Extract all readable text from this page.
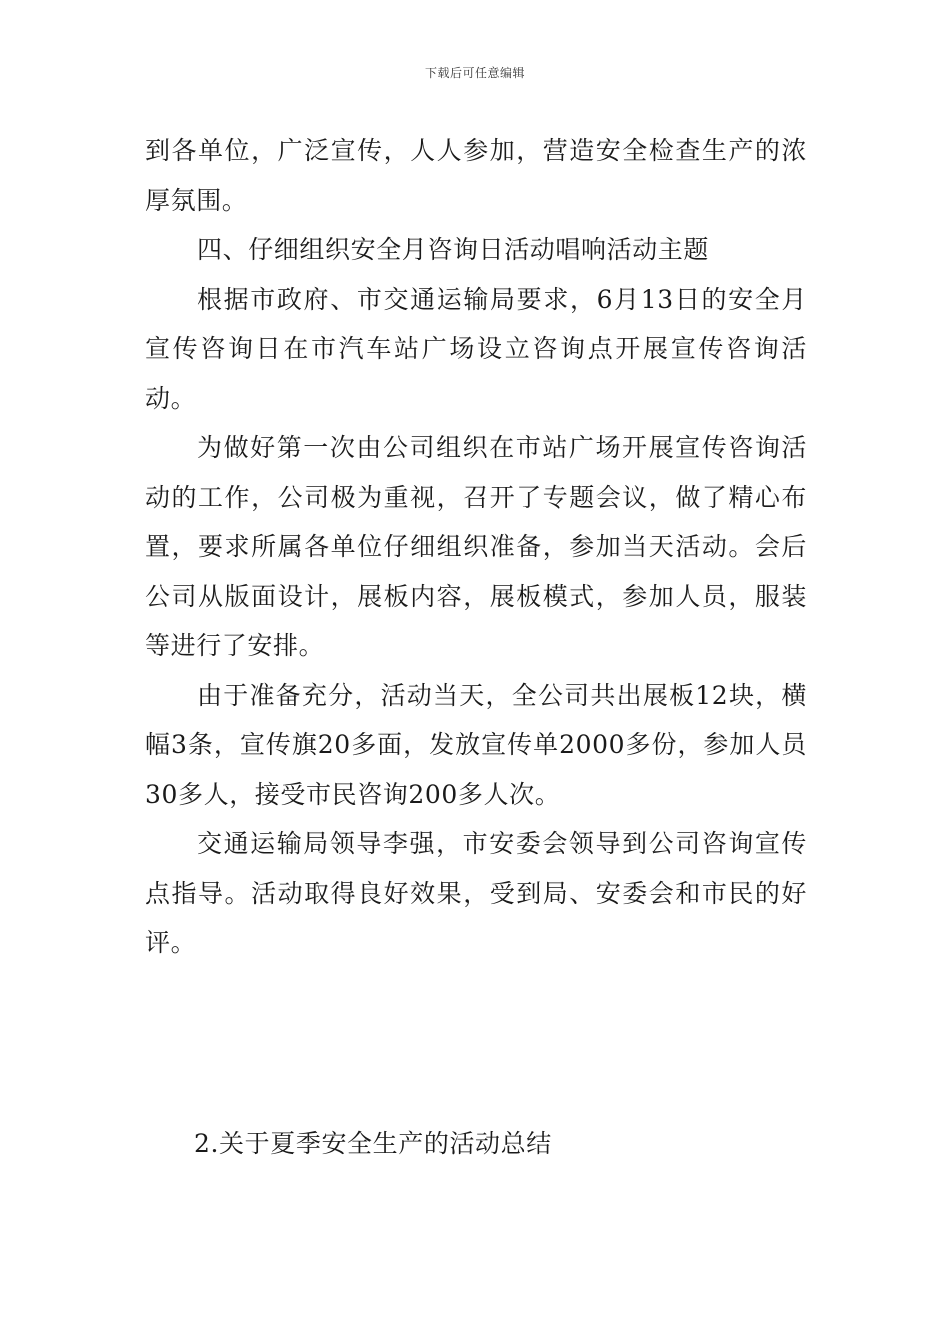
下载后可任意编辑

到各单位，广泛宣传，人人参加，营造安全检查生产的浓厚氛围。

四、仔细组织安全月咨询日活动唱响活动主题

根据市政府、市交通运输局要求，6月13日的安全月宣传咨询日在市汽车站广场设立咨询点开展宣传咨询活动。

为做好第一次由公司组织在市站广场开展宣传咨询活动的工作，公司极为重视，召开了专题会议，做了精心布置，要求所属各单位仔细组织准备，参加当天活动。会后公司从版面设计，展板内容，展板模式，参加人员，服装等进行了安排。

由于准备充分，活动当天，全公司共出展板12块，横幅3条，宣传旗20多面，发放宣传单2000多份，参加人员30多人，接受市民咨询200多人次。

交通运输局领导李强，市安委会领导到公司咨询宣传点指导。活动取得良好效果，受到局、安委会和市民的好评。

2.关于夏季安全生产的活动总结
